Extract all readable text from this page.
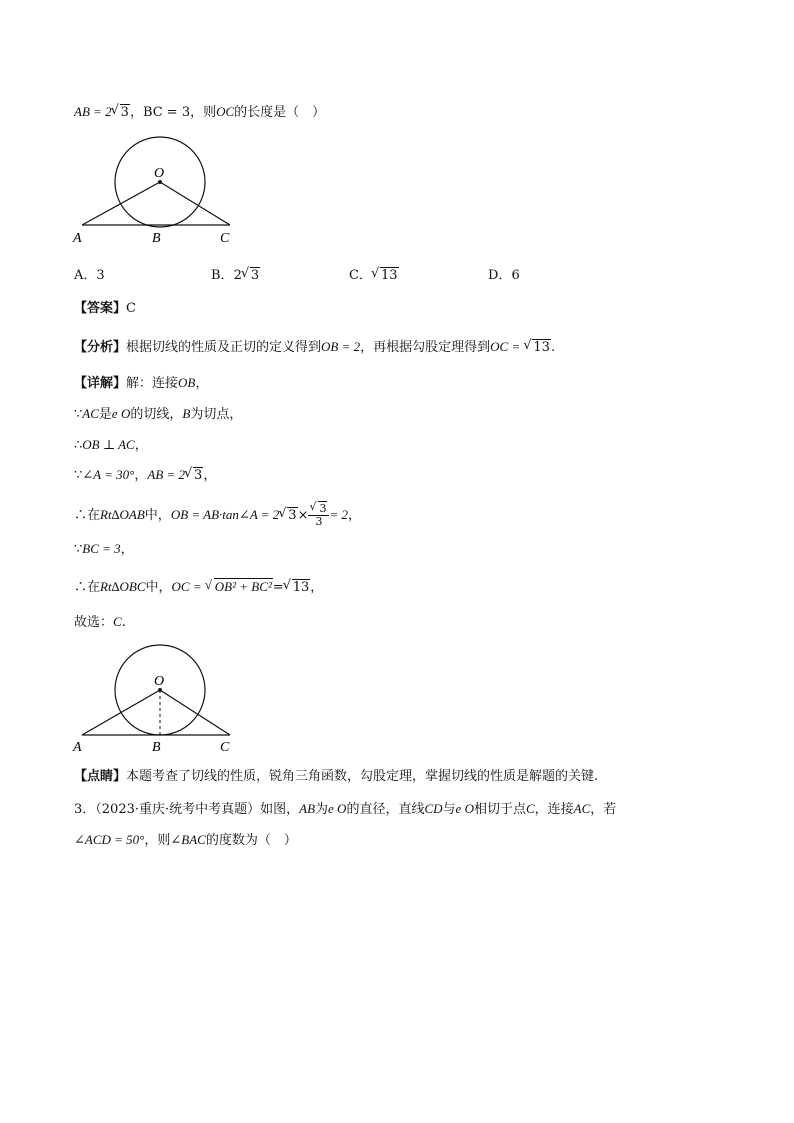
AB = 2 √ 3，BC = 3，则OC的长度是（　）
O
A	B	C
A．3	B．2 √ 3	C． √ 13	D．6
【答案】C
【分析】根据切线的性质及正切的定义得到OB = 2，再根据勾股定理得到OC = √ 13.
【详解】解：连接OB，
∵AC是e O的切线，B为切点，
∴OB ⊥ AC，
∵∠A = 30°，AB = 2 √ 3，
∴在Rt∆OAB中，OB = AB·tan∠A = 2 √ 3× √ $\frac{3}{3} = 2$，
∵BC = 3，
∴在Rt∆OBC中，OC = √ OB² + BC²= √ 13，
故选：C.
O
A	B	C
【点睛】本题考查了切线的性质，锐角三角函数，勾股定理，掌握切线的性质是解题的关键.
3．（2023·重庆·统考中考真题）如图，AB为e O的直径，直线CD与e O相切于点C，连接AC，若
∠ACD = 50°，则∠BAC的度数为（　）
